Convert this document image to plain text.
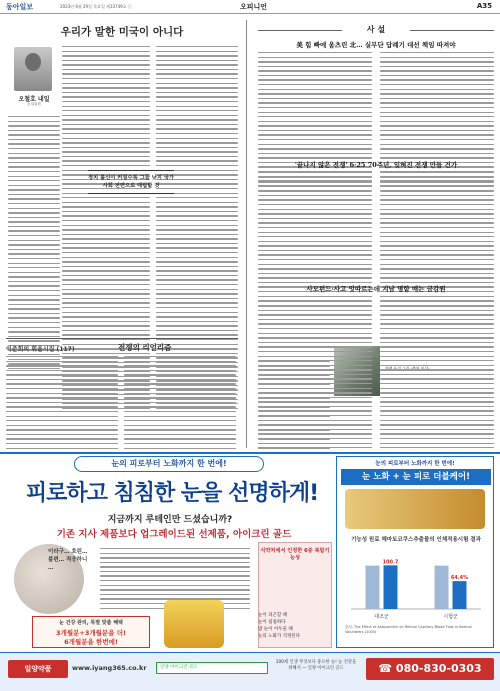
동아일보	2023년 6월 29일 목요일 제33749호 ⓒ	오피니언	A35
우리가 말한 미국이 아니다
오철호 내일
논설위원
정치 불신이 커질수록 그들 낫지 국가 사회 전면으로 대립할 것
이준희의 휘울시집 (117)	전쟁의 리얼리즘
사 설
美 힘 빠에 움츠린 北… 실무단 답례기 대선 책임 따져야
'끝나지 않은 전쟁' 6·25 70주년, 잊혀진 전쟁 만들 건가
사모펀드·사고 잇따르는데 지남 명함 매는 금감원
눈의 피로부터 노화까지 한 번에!
피로하고 침침한 눈을 선명하게!
지금까지 루테인만 드셨습니까?
기존 지사 제품보다 업그레이드된 선제품, 아이크린 골드
이라구… 흐린… 불편… 적응하니 …
눈 건강 관리, 특별 맞춤 혜택
3개월분+3개월분을 더!
6개월분을 한번에!
식약처에서 인정한 6중 복합기능성
눈이 피곤할 때
눈이 침침하다
밤 눈이 어두울 때
눈의 노화가 걱정된다
눈의 피로부터 노화까지 한 번에!
눈 노화 + 눈 피로 더블케어!
기능성 원료 헤마토코쿠스추출물의 인체적용시험 결과
대조군
100.7
시험군
64.4%
출처: The Effect of Astaxanthin on Retinal Capillary Blood Flow in Normal Volunteers (2005)
일양약품	www.iyang365.co.kr	일양 아이크린 골드
100세 인생 무엇보다 중요한 눈! 눈 건강을 위해서 — 일양 아이크린 골드	☎ 080-830-0303
